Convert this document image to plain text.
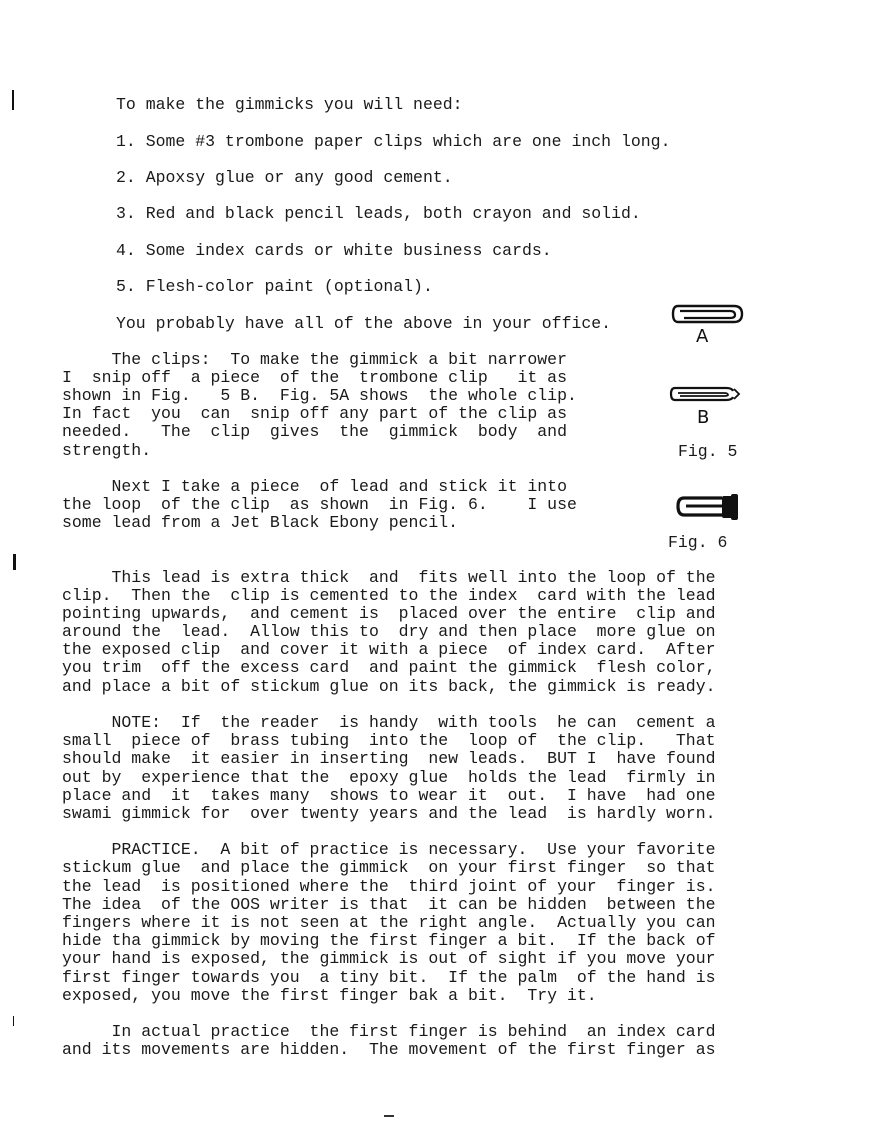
To make the gimmicks you will need:
1. Some #3 trombone paper clips which are one inch long.
2. Apoxsy glue or any good cement.
3. Red and black pencil leads, both crayon and solid.
4. Some index cards or white business cards.
5. Flesh-color paint (optional).
You probably have all of the above in your office.
A
The clips:  To make the gimmick a bit narrower
I  snip off  a piece  of the  trombone clip   it as
shown in Fig.   5 B.  Fig. 5A shows  the whole clip.
In fact  you  can  snip off any part of the clip as
needed.   The  clip  gives  the  gimmick  body  and
strength.
B
Fig. 5
Next I take a piece  of lead and stick it into
the loop  of the clip  as shown  in Fig. 6.    I use
some lead from a Jet Black Ebony pencil.
Fig. 6
This lead is extra thick  and  fits well into the loop of the
clip.  Then the  clip is cemented to the index  card with the lead
pointing upwards,  and cement is  placed over the entire  clip and
around the  lead.  Allow this to  dry and then place  more glue on
the exposed clip  and cover it with a piece  of index card.  After
you trim  off the excess card  and paint the gimmick  flesh color,
and place a bit of stickum glue on its back, the gimmick is ready.
NOTE:  If  the reader  is handy  with tools  he can  cement a
small  piece of  brass tubing  into the  loop of  the clip.   That
should make  it easier in inserting  new leads.  BUT I  have found
out by  experience that the  epoxy glue  holds the lead  firmly in
place and  it  takes many  shows to wear it  out.  I have  had one
swami gimmick for  over twenty years and the lead  is hardly worn.
PRACTICE.  A bit of practice is necessary.  Use your favorite
stickum glue  and place the gimmick  on your first finger  so that
the lead  is positioned where the  third joint of your  finger is.
The idea  of the OOS writer is that  it can be hidden  between the
fingers where it is not seen at the right angle.  Actually you can
hide tha gimmick by moving the first finger a bit.  If the back of
your hand is exposed, the gimmick is out of sight if you move your
first finger towards you  a tiny bit.  If the palm  of the hand is
exposed, you move the first finger bak a bit.  Try it.
In actual practice  the first finger is behind  an index card
and its movements are hidden.  The movement of the first finger as
